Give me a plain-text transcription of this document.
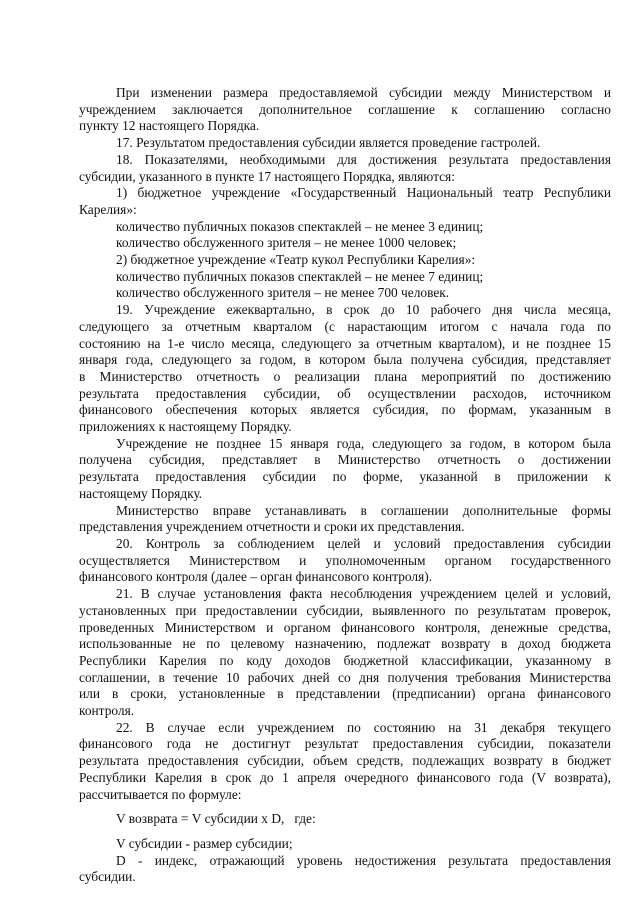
При изменении размера предоставляемой субсидии между Министерством и

учреждением заключается дополнительное соглашение к соглашению согласно

пункту 12 настоящего Порядка.

17. Результатом предоставления субсидии является проведение гастролей.

18. Показателями, необходимыми для достижения результата предоставления

субсидии, указанного в пункте 17 настоящего Порядка, являются:

1) бюджетное учреждение «Государственный Национальный театр Республики

Карелия»:

количество публичных показов спектаклей – не менее 3 единиц;

количество обслуженного зрителя – не менее 1000 человек;

2) бюджетное учреждение «Театр кукол Республики Карелия»:

количество публичных показов спектаклей – не менее 7 единиц;

количество обслуженного зрителя – не менее 700 человек.

19. Учреждение ежеквартально, в срок до 10 рабочего дня числа месяца,

следующего за отчетным кварталом (с нарастающим итогом с начала года по

состоянию на 1-е число месяца, следующего за отчетным кварталом), и не позднее 15

января года, следующего за годом, в котором была получена субсидия, представляет

в Министерство отчетность о реализации плана мероприятий по достижению

результата предоставления субсидии, об осуществлении расходов, источником

финансового обеспечения которых является субсидия, по формам, указанным в

приложениях к настоящему Порядку.

Учреждение не позднее 15 января года, следующего за годом, в котором была

получена субсидия, представляет в Министерство отчетность о достижении

результата предоставления субсидии по форме, указанной в приложении к

настоящему Порядку.

Министерство вправе устанавливать в соглашении дополнительные формы

представления учреждением отчетности и сроки их представления.

20. Контроль за соблюдением целей и условий предоставления субсидии

осуществляется Министерством и уполномоченным органом государственного

финансового контроля (далее – орган финансового контроля).

21. В случае установления факта несоблюдения учреждением целей и условий,

установленных при предоставлении субсидии, выявленного по результатам проверок,

проведенных Министерством и органом финансового контроля, денежные средства,

использованные не по целевому назначению, подлежат возврату в доход бюджета

Республики Карелия по коду доходов бюджетной классификации, указанному в

соглашении, в течение 10 рабочих дней со дня получения требования Министерства

или в сроки, установленные в представлении (предписании) органа финансового

контроля.

22. В случае если учреждением по состоянию на 31 декабря текущего

финансового года не достигнут результат предоставления субсидии, показатели

результата предоставления субсидии, объем средств, подлежащих возврату в бюджет

Республики Карелия в срок до 1 апреля очередного финансового года (V возврата),

рассчитывается по формуле:

V возврата = V субсидии x D,   где:

V субсидии - размер субсидии;

D - индекс, отражающий уровень недостижения результата предоставления

субсидии.
